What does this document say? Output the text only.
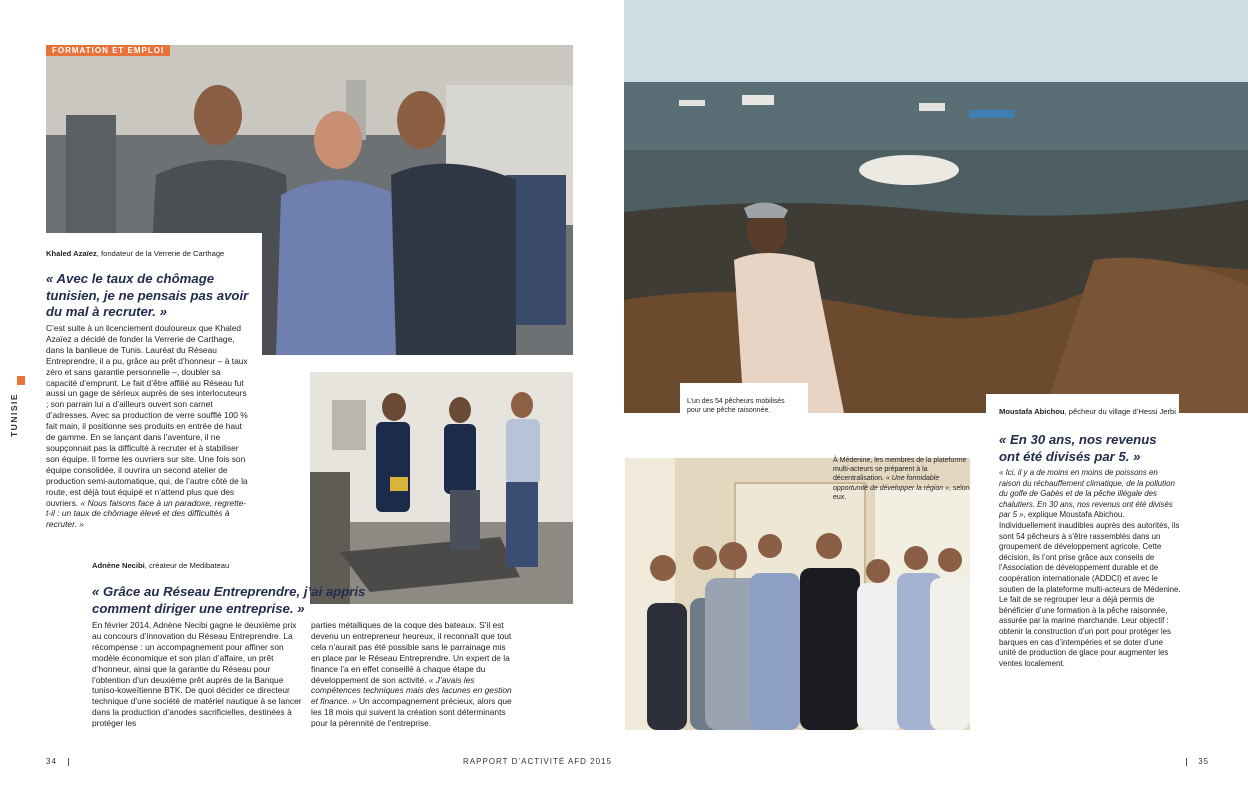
FORMATION ET EMPLOI
Khaled Azaïez, fondateur de la Verrerie de Carthage
« Avec le taux de chômage tunisien, je ne pensais pas avoir du mal à recruter. »

C’est suite à un licenciement douloureux que Khaled Azaïez a décidé de fonder la Verrerie de Carthage, dans la banlieue de Tunis. Lauréat du Réseau Entreprendre, il a pu, grâce au prêt d’honneur – à taux zéro et sans garantie personnelle –, doubler sa capacité d’emprunt. Le fait d’être affilié au Réseau fut aussi un gage de sérieux auprès de ses interlocuteurs ; son parrain lui a d’ailleurs ouvert son carnet d’adresses. Avec sa production de verre soufflé 100 % fait main, il positionne ses produits en entrée de haut de gamme. En se lançant dans l’aventure, il ne soupçonnait pas la difficulté à recruter et à stabiliser son équipe. Il forme les ouvriers sur site. Une fois son équipe consolidée, il ouvrira un second atelier de production semi-automatique, qui, de l’autre côté de la route, est déjà tout équipé et n’attend plus que des ouvriers. « Nous faisons face à un paradoxe, regrette-t-il : un taux de chômage élevé et des difficultés à recruter. »

TUNISIE
Adnène Necibi, créateur de Medibateau
« Grâce au Réseau Entreprendre, j’ai appris comment diriger une entreprise. »

En février 2014, Adnène Necibi gagne le deuxième prix au concours d’innovation du Réseau Entreprendre. La récompense : un accompagnement pour affiner son modèle économique et son plan d’affaire, un prêt d’honneur, ainsi que la garantie du Réseau pour l’obtention d’un deuxième prêt auprès de la Banque tuniso-koweïtienne BTK. De quoi décider ce directeur technique d’une société de matériel nautique à se lancer dans la production d’anodes sacrificielles, destinées à protéger les

parties métalliques de la coque des bateaux. S’il est devenu un entrepreneur heureux, il reconnaît que tout cela n’aurait pas été possible sans le parrainage mis en place par le Réseau Entreprendre. Un expert de la finance l’a en effet conseillé à chaque étape du développement de son activité. « J’avais les compétences techniques mais des lacunes en gestion et finance. » Un accompagnement précieux, alors que les 18 mois qui suivent la création sont déterminants pour la pérennité de l’entreprise.

34	RAPPORT D’ACTIVITÉ AFD 2015
L’un des 54 pêcheurs mobilisés pour une pêche raisonnée.	Moustafa Abichou, pêcheur du village d’Hessi Jerbi
À Médenine, les membres de la plateforme multi-acteurs se préparent à la décentralisation. « Une formidable opportunité de développer la région », selon eux.
« En 30 ans, nos revenus ont été divisés par 5. »

« Ici, il y a de moins en moins de poissons en raison du réchauffement climatique, de la pollution du golfe de Gabès et de la pêche illégale des chalutiers. En 30 ans, nos revenus ont été divisés par 5 », explique Moustafa Abichou. Individuellement inaudibles auprès des autorités, ils sont 54 pêcheurs à s’être rassemblés dans un groupement de développement agricole. Cette décision, ils l’ont prise grâce aux conseils de l’Association de développement durable et de coopération internationale (ADDCI) et avec le soutien de la plateforme multi-acteurs de Médenine. Le fait de se regrouper leur a déjà permis de bénéficier d’une formation à la pêche raisonnée, assurée par la marine marchande. Leur objectif : obtenir la construction d’un port pour protéger les barques en cas d’intempéries et se doter d’une unité de production de glace pour augmenter les ventes localement.

35
